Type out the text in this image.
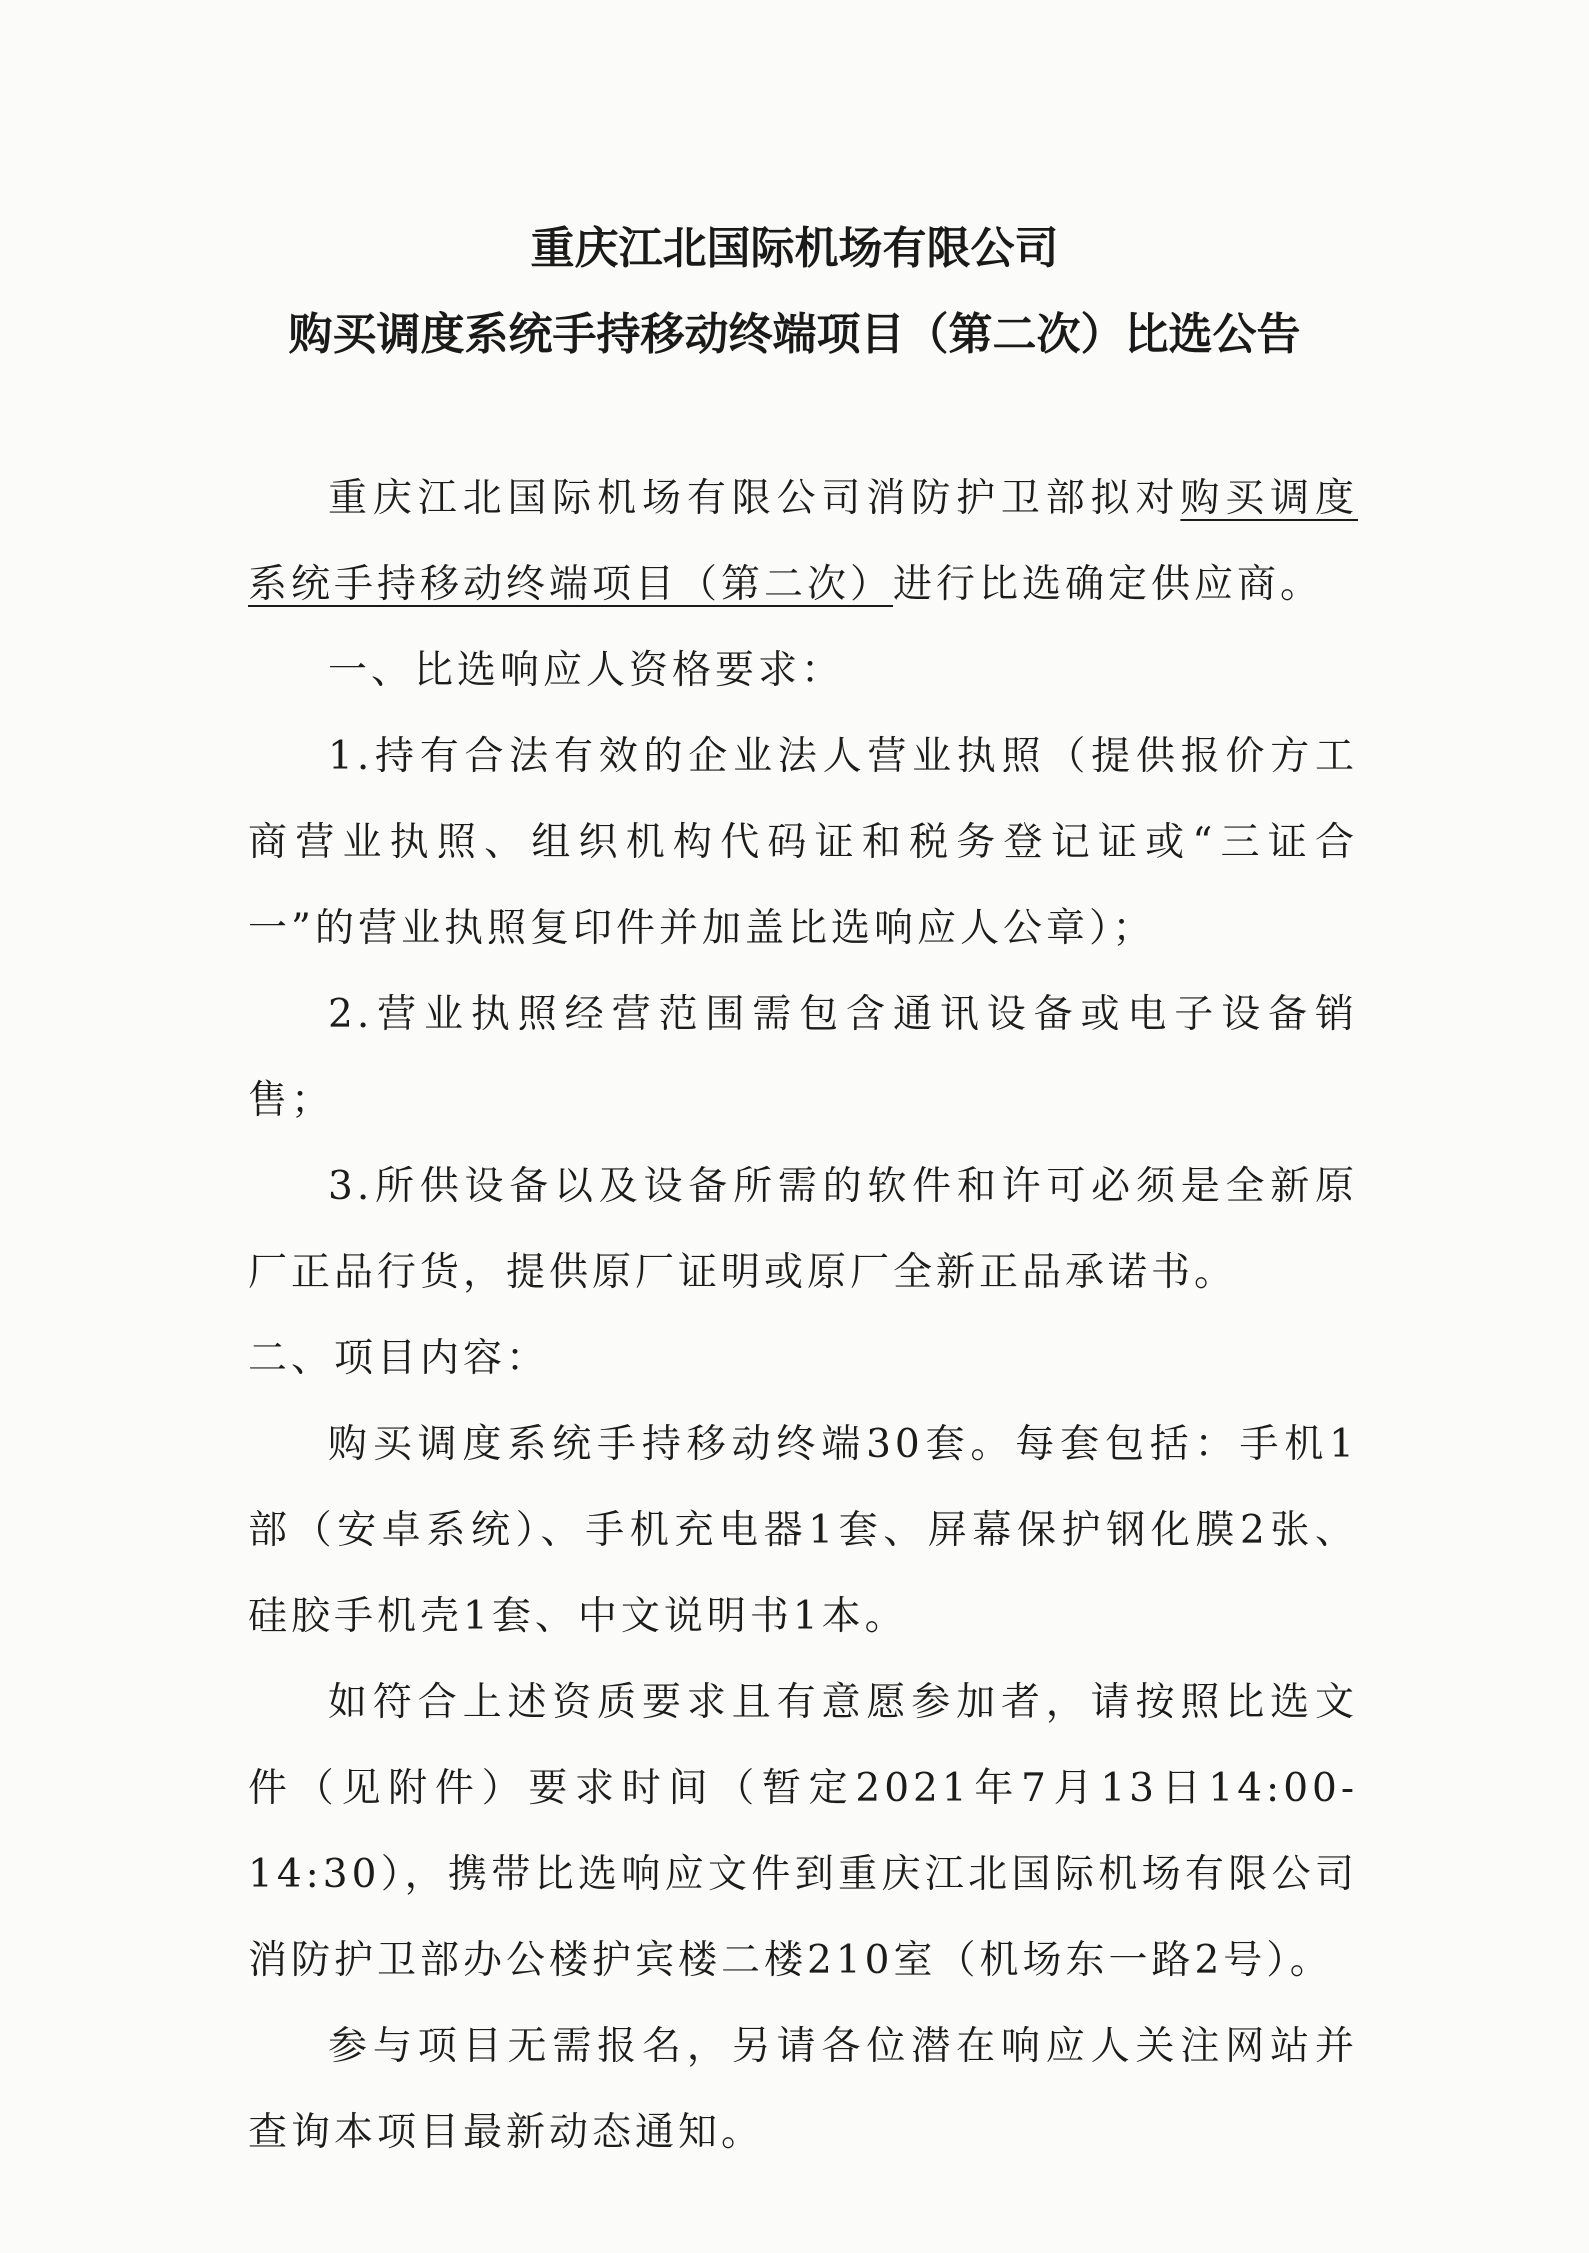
重庆江北国际机场有限公司
购买调度系统手持移动终端项目（第二次）比选公告

重庆江北国际机场有限公司消防护卫部拟对购买调度系统手持移动终端项目（第二次）进行比选确定供应商。

一、比选响应人资格要求：

1.持有合法有效的企业法人营业执照（提供报价方工商营业执照、组织机构代码证和税务登记证或“三证合一”的营业执照复印件并加盖比选响应人公章）；

2.营业执照经营范围需包含通讯设备或电子设备销售；

3.所供设备以及设备所需的软件和许可必须是全新原厂正品行货，提供原厂证明或原厂全新正品承诺书。

二、项目内容：

购买调度系统手持移动终端30套。每套包括：手机1部（安卓系统）、手机充电器1套、屏幕保护钢化膜2张、硅胶手机壳1套、中文说明书1本。

如符合上述资质要求且有意愿参加者，请按照比选文件（见附件）要求时间（暂定2021年7月13日14:00-14:30），携带比选响应文件到重庆江北国际机场有限公司消防护卫部办公楼护宾楼二楼210室（机场东一路2号）。

参与项目无需报名，另请各位潜在响应人关注网站并查询本项目最新动态通知。
